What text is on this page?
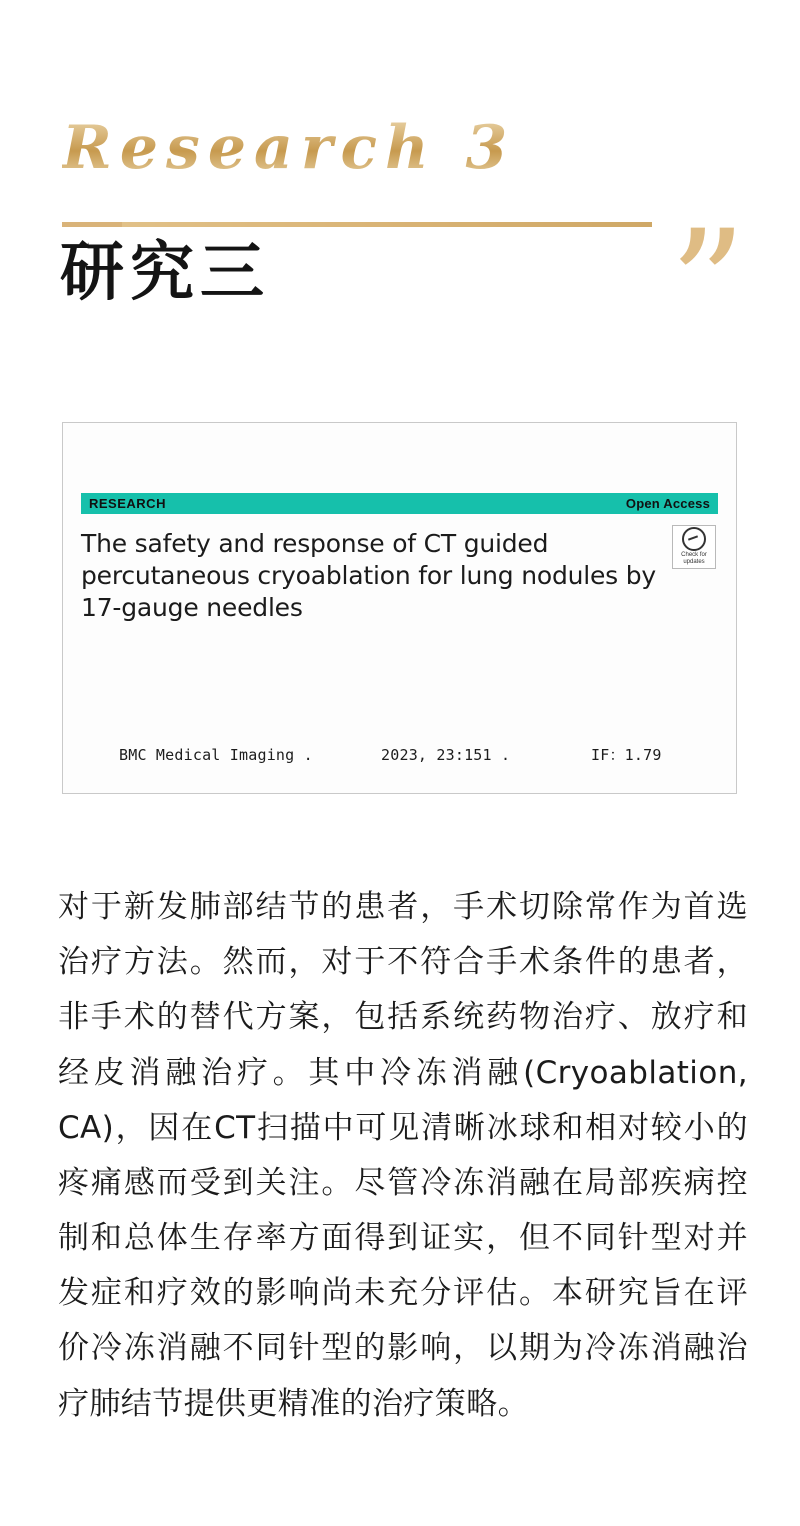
Research 3
”
研究三
RESEARCH	Open Access
The safety and response of CT guided percutaneous cryoablation for lung nodules by 17-gauge needles
Check for
updates
BMC Medical Imaging .	2023, 23:151 .	IF：1.79
对于新发肺部结节的患者，手术切除常作为首选治疗方法。然而，对于不符合手术条件的患者，非手术的替代方案，包括系统药物治疗、放疗和经皮消融治疗。其中冷冻消融(Cryoablation, CA)，因在CT扫描中可见清晰冰球和相对较小的疼痛感而受到关注。尽管冷冻消融在局部疾病控制和总体生存率方面得到证实，但不同针型对并发症和疗效的影响尚未充分评估。本研究旨在评价冷冻消融不同针型的影响，以期为冷冻消融治疗肺结节提供更精准的治疗策略。
